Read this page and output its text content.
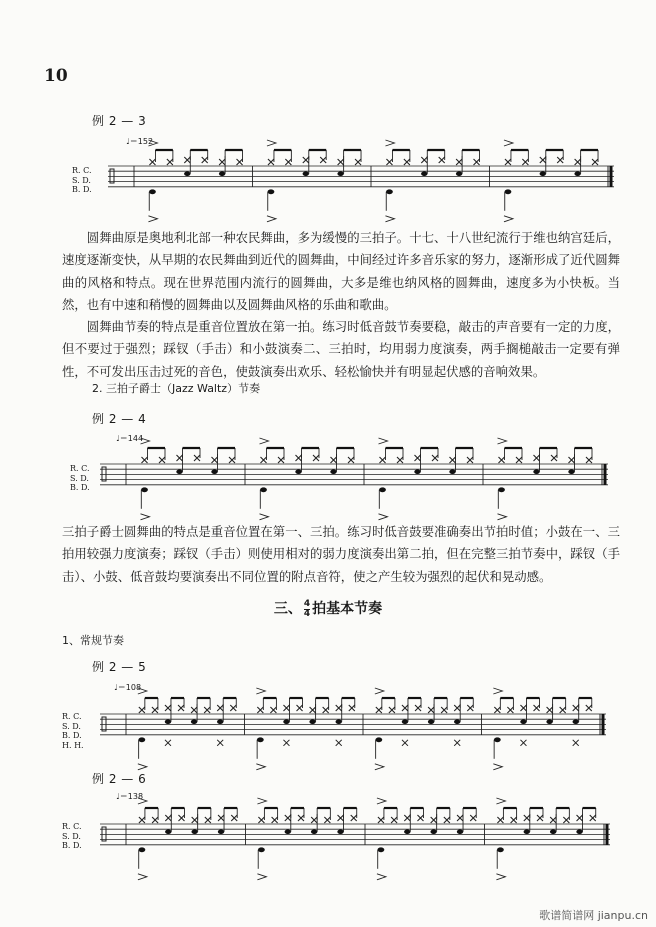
10
例 2 — 3
♩＝152
R. C.
S. D.
B. D.
圆舞曲原是奥地利北部一种农民舞曲，多为缓慢的三拍子。十七、十八世纪流行于维也纳宫廷后，速度逐渐变快，从早期的农民舞曲到近代的圆舞曲，中间经过许多音乐家的努力，逐渐形成了近代圆舞曲的风格和特点。现在世界范围内流行的圆舞曲，大多是维也纳风格的圆舞曲，速度多为小快板。当然，也有中速和稍慢的圆舞曲以及圆舞曲风格的乐曲和歌曲。
圆舞曲节奏的特点是重音位置放在第一拍。练习时低音鼓节奏要稳，敲击的声音要有一定的力度，但不要过于强烈；踩钗（手击）和小鼓演奏二、三拍时，均用弱力度演奏，两手搁槌敲击一定要有弹性，不可发出压击过死的音色，使鼓演奏出欢乐、轻松愉快并有明显起伏感的音响效果。
2. 三拍子爵士（Jazz Waltz）节奏
例 2 — 4
♩＝144
R. C.
S. D.
B. D.
三拍子爵士圆舞曲的特点是重音位置在第一、三拍。练习时低音鼓要准确奏出节拍时值；小鼓在一、三拍用较强力度演奏；踩钗（手击）则使用相对的弱力度演奏出第二拍，但在完整三拍节奏中，踩钗（手击）、小鼓、低音鼓均要演奏出不同位置的附点音符，使之产生较为强烈的起伏和晃动感。
三、 $\frac{4}{4}$ 拍基本节奏
1、常规节奏
例 2 — 5
♩＝108
R. C.
S. D.
B. D.
H. H.
例 2 — 6
♩＝138
R. C.
S. D.
B. D.
歌谱简谱网 jianpu.cn
